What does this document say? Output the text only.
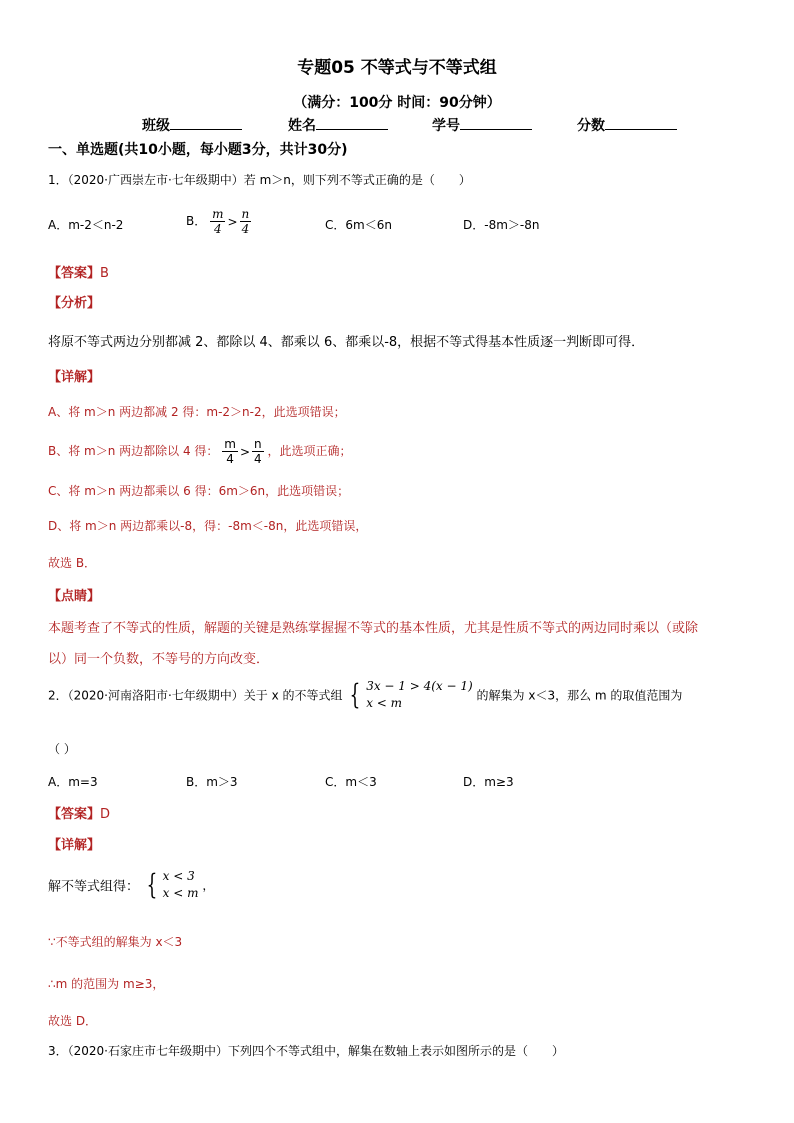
专题05 不等式与不等式组
（满分：100分 时间：90分钟）
班级	姓名	学号	分数
一、单选题(共10小题，每小题3分，共计30分)
1．（2020·广西崇左市·七年级期中）若 m＞n，则下列不等式正确的是（　　）
A．m-2＜n-2	B． $\frac{m}{4} > \frac{n}{4}$	C．6m＜6n	D．-8m＞-8n
【答案】B
【分析】
将原不等式两边分别都减 2、都除以 4、都乘以 6、都乘以-8，根据不等式得基本性质逐一判断即可得．
【详解】
A、将 m＞n 两边都减 2 得：m-2＞n-2，此选项错误；
B、将 m＞n 两边都除以 4 得： $\frac{m}{4} > \frac{n}{4}$ ，此选项正确；
C、将 m＞n 两边都乘以 6 得：6m＞6n，此选项错误；
D、将 m＞n 两边都乘以-8，得：-8m＜-8n，此选项错误，
故选 B．
【点睛】
本题考查了不等式的性质，解题的关键是熟练掌握握不等式的基本性质，尤其是性质不等式的两边同时乘以（或除
以）同一个负数，不等号的方向改变．
2．（2020·河南洛阳市·七年级期中）关于 x 的不等式组 { 3x − 1 > 4(x − 1)
x < m
的解集为 x＜3，那么 m 的取值范围为
（ ）
A．m=3	B．m＞3	C．m＜3	D．m≥3
【答案】D
【详解】
解不等式组得： { x < 3
x < m
，
∵不等式组的解集为 x＜3
∴m 的范围为 m≥3，
故选 D．
3．（2020·石家庄市七年级期中）下列四个不等式组中，解集在数轴上表示如图所示的是（　　）
